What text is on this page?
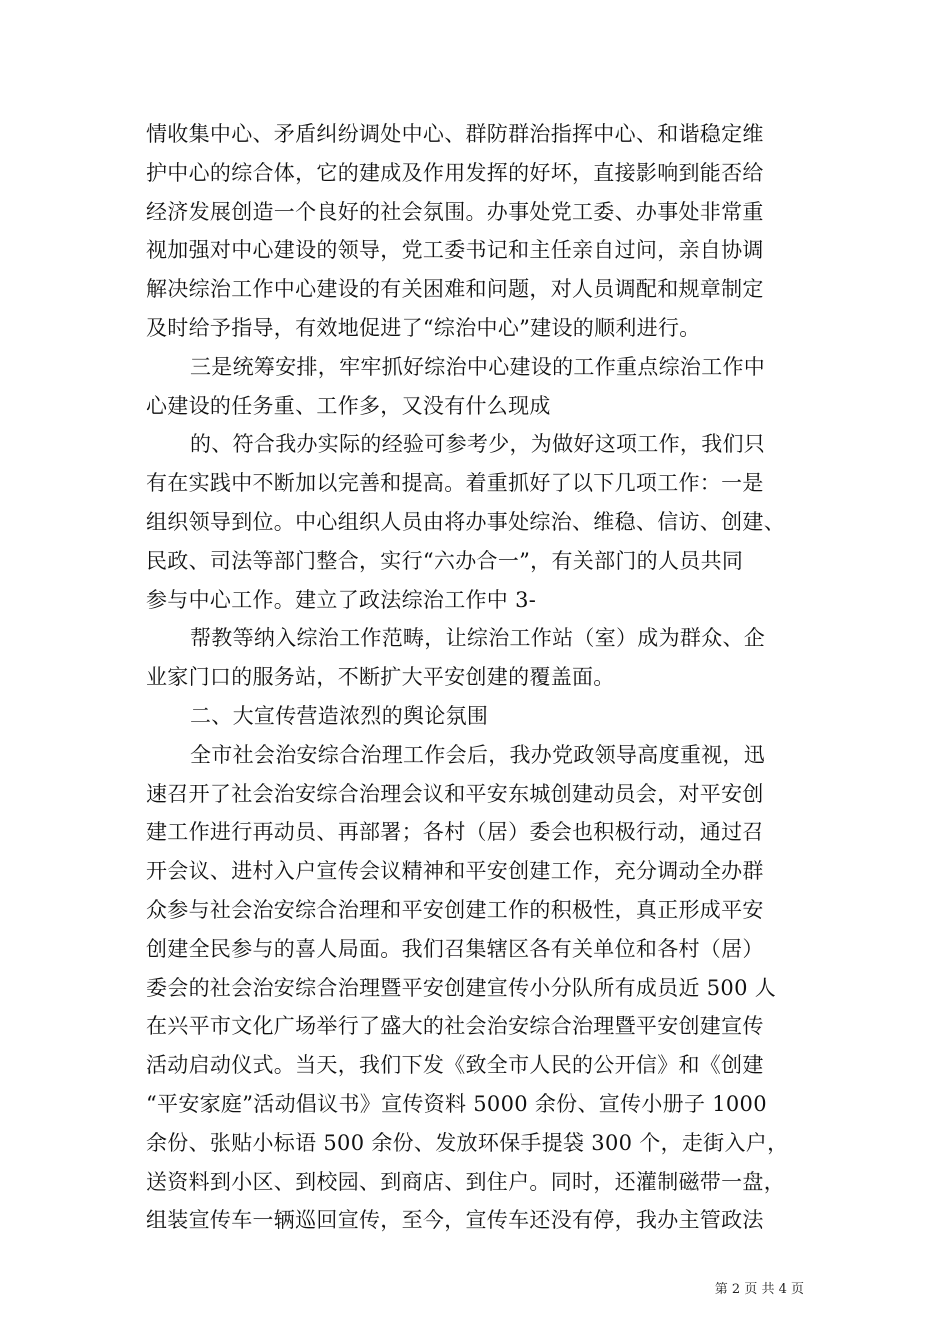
情收集中心、矛盾纠纷调处中心、群防群治指挥中心、和谐稳定维
护中心的综合体，它的建成及作用发挥的好坏，直接影响到能否给
经济发展创造一个良好的社会氛围。办事处党工委、办事处非常重
视加强对中心建设的领导，党工委书记和主任亲自过问，亲自协调
解决综治工作中心建设的有关困难和问题，对人员调配和规章制定
及时给予指导，有效地促进了“综治中心”建设的顺利进行。
三是统筹安排，牢牢抓好综治中心建设的工作重点综治工作中
心建设的任务重、工作多，又没有什么现成
的、符合我办实际的经验可参考少，为做好这项工作，我们只
有在实践中不断加以完善和提高。着重抓好了以下几项工作：一是
组织领导到位。中心组织人员由将办事处综治、维稳、信访、创建、
民政、司法等部门整合，实行“六办合一”，有关部门的人员共同
参与中心工作。建立了政法综治工作中 3-
帮教等纳入综治工作范畴，让综治工作站（室）成为群众、企
业家门口的服务站，不断扩大平安创建的覆盖面。
二、大宣传营造浓烈的舆论氛围
全市社会治安综合治理工作会后，我办党政领导高度重视，迅
速召开了社会治安综合治理会议和平安东城创建动员会，对平安创
建工作进行再动员、再部署；各村（居）委会也积极行动，通过召
开会议、进村入户宣传会议精神和平安创建工作，充分调动全办群
众参与社会治安综合治理和平安创建工作的积极性，真正形成平安
创建全民参与的喜人局面。我们召集辖区各有关单位和各村（居）
委会的社会治安综合治理暨平安创建宣传小分队所有成员近 500 人
在兴平市文化广场举行了盛大的社会治安综合治理暨平安创建宣传
活动启动仪式。当天，我们下发《致全市人民的公开信》和《创建
“平安家庭”活动倡议书》宣传资料 5000 余份、宣传小册子 1000
余份、张贴小标语 500 余份、发放环保手提袋 300 个，走街入户，
送资料到小区、到校园、到商店、到住户。同时，还灌制磁带一盘，
组装宣传车一辆巡回宣传，至今，宣传车还没有停，我办主管政法
第 2 页 共 4 页
